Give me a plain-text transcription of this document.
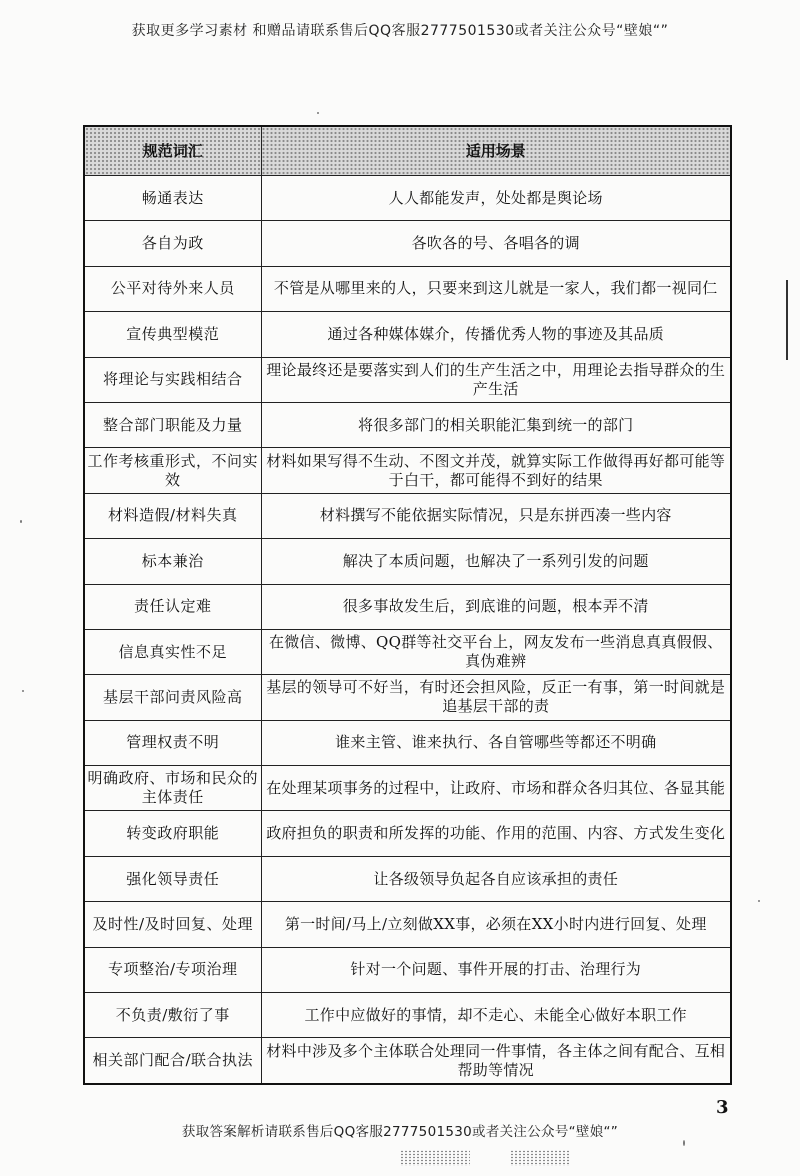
获取更多学习素材 和赠品请联系售后QQ客服2777501530或者关注公众号“壁娘“”
规范词汇	适用场景
畅通表达	人人都能发声，处处都是舆论场
各自为政	各吹各的号、各唱各的调
公平对待外来人员	不管是从哪里来的人，只要来到这儿就是一家人，我们都一视同仁
宣传典型模范	通过各种媒体媒介，传播优秀人物的事迹及其品质
将理论与实践相结合	理论最终还是要落实到人们的生产生活之中，用理论去指导群众的生产生活
整合部门职能及力量	将很多部门的相关职能汇集到统一的部门
工作考核重形式，不问实效	材料如果写得不生动、不图文并茂，就算实际工作做得再好都可能等于白干，都可能得不到好的结果
材料造假/材料失真	材料撰写不能依据实际情况，只是东拼西凑一些内容
标本兼治	解决了本质问题，也解决了一系列引发的问题
责任认定难	很多事故发生后，到底谁的问题，根本弄不清
信息真实性不足	在微信、微博、QQ群等社交平台上，网友发布一些消息真真假假、真伪难辨
基层干部问责风险高	基层的领导可不好当，有时还会担风险，反正一有事，第一时间就是追基层干部的责
管理权责不明	谁来主管、谁来执行、各自管哪些等都还不明确
明确政府、市场和民众的主体责任	在处理某项事务的过程中，让政府、市场和群众各归其位、各显其能
转变政府职能	政府担负的职责和所发挥的功能、作用的范围、内容、方式发生变化
强化领导责任	让各级领导负起各自应该承担的责任
及时性/及时回复、处理	第一时间/马上/立刻做XX事，必须在XX小时内进行回复、处理
专项整治/专项治理	针对一个问题、事件开展的打击、治理行为
不负责/敷衍了事	工作中应做好的事情，却不走心、未能全心做好本职工作
相关部门配合/联合执法	材料中涉及多个主体联合处理同一件事情，各主体之间有配合、互相帮助等情况
3
获取答案解析请联系售后QQ客服2777501530或者关注公众号“壁娘“”
